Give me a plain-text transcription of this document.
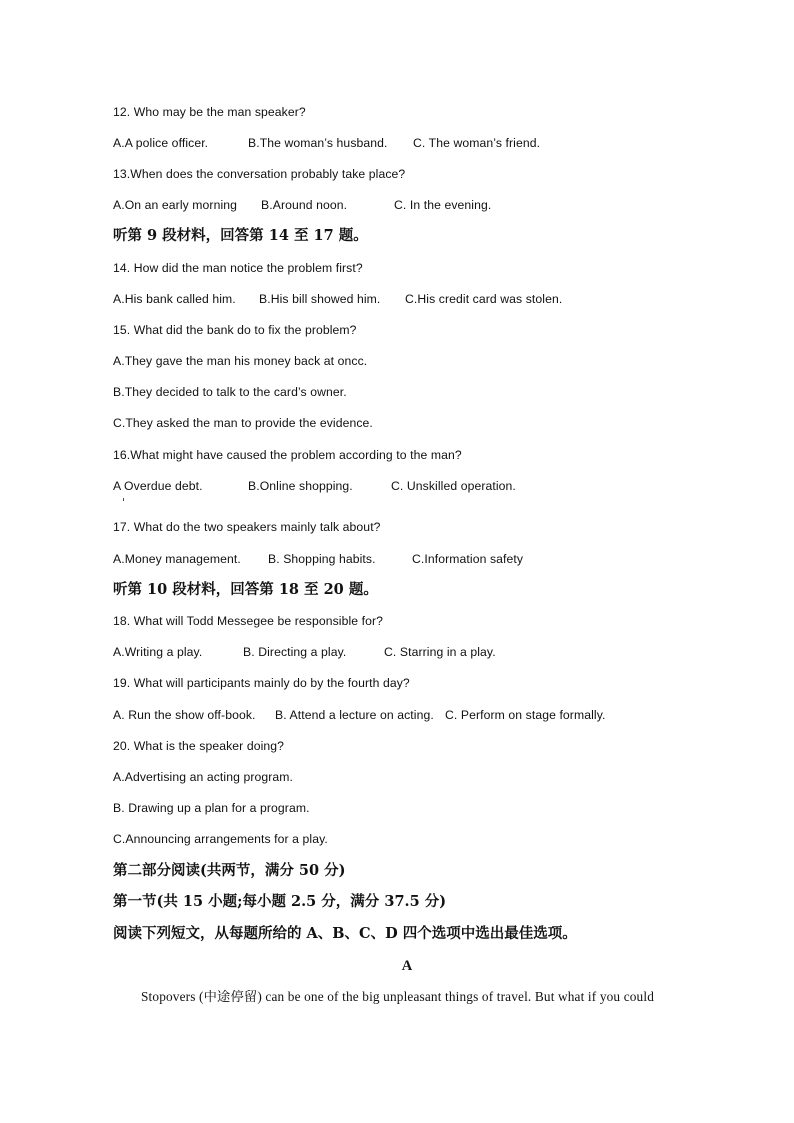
12. Who may be the man speaker?
A.A police officer.	B.The woman’s husband. C. The woman’s friend.
13.When does the conversation probably take place?
A.On an early morning B.Around noon.	C. In the evening.
听第 9 段材料，回答第 14 至 17 题。
14. How did the man notice the problem first?
A.His bank called him. B.His bill showed him. C.His credit card was stolen.
15. What did the bank do to fix the problem?
A.They gave the man his money back at oncc.
B.They decided to talk to the card’s owner.
C.They asked the man to provide the evidence.
16.What might have caused the problem according to the man?
A Overdue debt.	B.Online shopping.	C. Unskilled operation.
17. What do the two speakers mainly talk about?
A.Money management. B. Shopping habits.	C.Information safety
听第 10 段材料，回答第 18 至 20 题。
18. What will Todd Messegee be responsible for?
A.Writing a play.	B. Directing a play.	C. Starring in a play.
19. What will participants mainly do by the fourth day?
A. Run the show off-book. B. Attend a lecture on acting. C. Perform on stage formally.
20. What is the speaker doing?
A.Advertising an acting program.
B. Drawing up a plan for a program.
C.Announcing arrangements for a play.
第二部分阅读(共两节，满分 50 分)
第一节(共 15 小题;每小题 2.5 分，满分 37.5 分)
阅读下列短文，从每题所给的 A、B、C、D 四个选项中选出最佳选项。
A
Stopovers (中途停留) can be one of the big unpleasant things of travel. But what if you could
